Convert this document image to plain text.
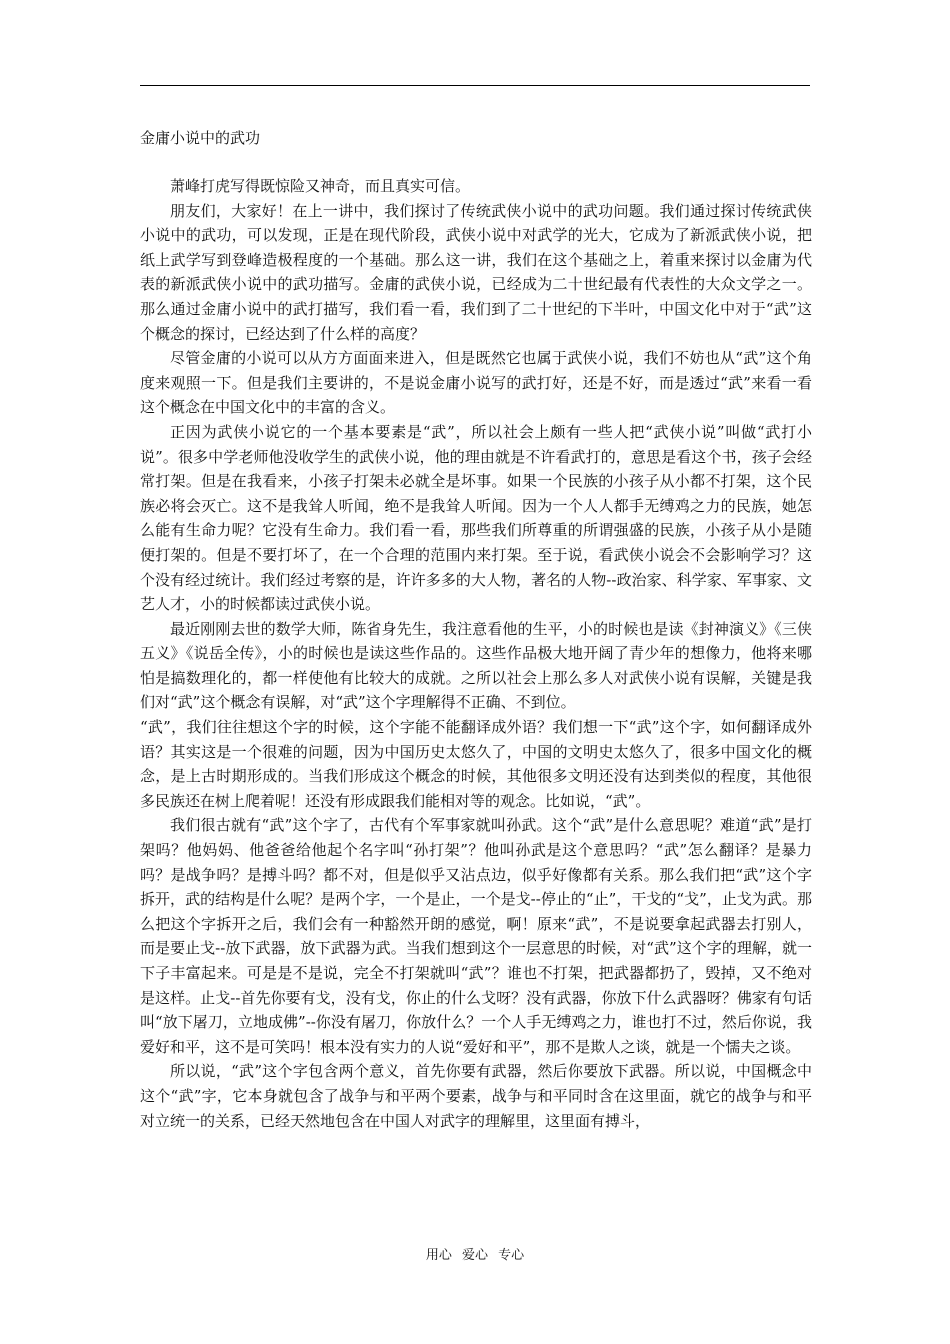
金庸小说中的武功

萧峰打虎写得既惊险又神奇，而且真实可信。

朋友们，大家好！在上一讲中，我们探讨了传统武侠小说中的武功问题。我们通过探讨传统武侠小说中的武功，可以发现，正是在现代阶段，武侠小说中对武学的光大，它成为了新派武侠小说，把纸上武学写到登峰造极程度的一个基础。那么这一讲，我们在这个基础之上，着重来探讨以金庸为代表的新派武侠小说中的武功描写。金庸的武侠小说，已经成为二十世纪最有代表性的大众文学之一。那么通过金庸小说中的武打描写，我们看一看，我们到了二十世纪的下半叶，中国文化中对于“武”这个概念的探讨，已经达到了什么样的高度？

尽管金庸的小说可以从方方面面来进入，但是既然它也属于武侠小说，我们不妨也从“武”这个角度来观照一下。但是我们主要讲的，不是说金庸小说写的武打好，还是不好，而是透过“武”来看一看这个概念在中国文化中的丰富的含义。

正因为武侠小说它的一个基本要素是“武”，所以社会上颇有一些人把“武侠小说”叫做“武打小说”。很多中学老师他没收学生的武侠小说，他的理由就是不许看武打的，意思是看这个书，孩子会经常打架。但是在我看来，小孩子打架未必就全是坏事。如果一个民族的小孩子从小都不打架，这个民族必将会灭亡。这不是我耸人听闻，绝不是我耸人听闻。因为一个人人都手无缚鸡之力的民族，她怎么能有生命力呢？它没有生命力。我们看一看，那些我们所尊重的所谓强盛的民族，小孩子从小是随便打架的。但是不要打坏了，在一个合理的范围内来打架。至于说，看武侠小说会不会影响学习？这个没有经过统计。我们经过考察的是，许许多多的大人物，著名的人物--政治家、科学家、军事家、文艺人才，小的时候都读过武侠小说。

最近刚刚去世的数学大师，陈省身先生，我注意看他的生平，小的时候也是读《封神演义》《三侠五义》《说岳全传》，小的时候也是读这些作品的。这些作品极大地开阔了青少年的想像力，他将来哪怕是搞数理化的，都一样使他有比较大的成就。之所以社会上那么多人对武侠小说有误解，关键是我们对“武”这个概念有误解，对“武”这个字理解得不正确、不到位。

“武”，我们往往想这个字的时候，这个字能不能翻译成外语？我们想一下“武”这个字，如何翻译成外语？其实这是一个很难的问题，因为中国历史太悠久了，中国的文明史太悠久了，很多中国文化的概念，是上古时期形成的。当我们形成这个概念的时候，其他很多文明还没有达到类似的程度，其他很多民族还在树上爬着呢！还没有形成跟我们能相对等的观念。比如说，“武”。

我们很古就有“武”这个字了，古代有个军事家就叫孙武。这个“武”是什么意思呢？难道“武”是打架吗？他妈妈、他爸爸给他起个名字叫“孙打架”？他叫孙武是这个意思吗？“武”怎么翻译？是暴力吗？是战争吗？是搏斗吗？都不对，但是似乎又沾点边，似乎好像都有关系。那么我们把“武”这个字拆开，武的结构是什么呢？是两个字，一个是止，一个是戈--停止的“止”，干戈的“戈”，止戈为武。那么把这个字拆开之后，我们会有一种豁然开朗的感觉，啊！原来“武”，不是说要拿起武器去打别人，而是要止戈--放下武器，放下武器为武。当我们想到这个一层意思的时候，对“武”这个字的理解，就一下子丰富起来。可是是不是说，完全不打架就叫“武”？谁也不打架，把武器都扔了，毁掉，又不绝对是这样。止戈--首先你要有戈，没有戈，你止的什么戈呀？没有武器，你放下什么武器呀？佛家有句话叫“放下屠刀，立地成佛”--你没有屠刀，你放什么？一个人手无缚鸡之力，谁也打不过，然后你说，我爱好和平，这不是可笑吗！根本没有实力的人说“爱好和平”，那不是欺人之谈，就是一个懦夫之谈。

所以说，“武”这个字包含两个意义，首先你要有武器，然后你要放下武器。所以说，中国概念中这个“武”字，它本身就包含了战争与和平两个要素，战争与和平同时含在这里面，就它的战争与和平对立统一的关系，已经天然地包含在中国人对武字的理解里，这里面有搏斗，

用心 爱心 专心
